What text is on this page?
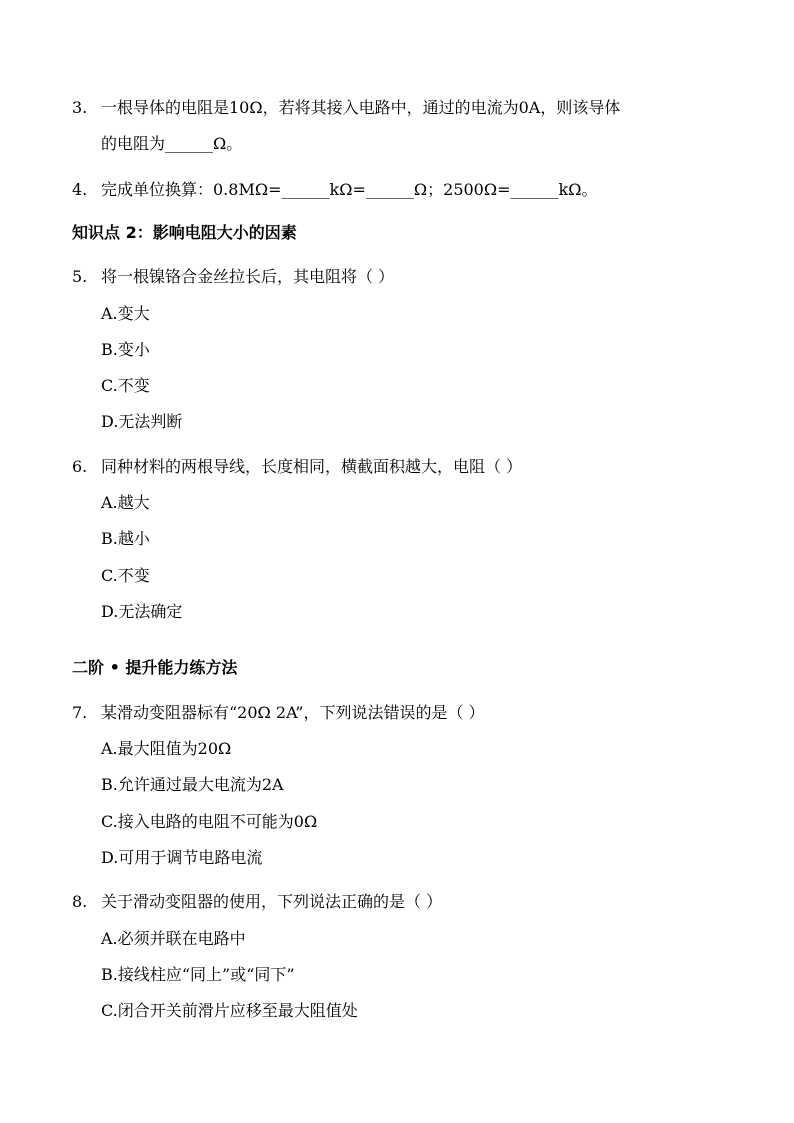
3. 一根导体的电阻是10Ω，若将其接入电路中，通过的电流为0A，则该导体
的电阻为______Ω。
4. 完成单位换算：0.8MΩ=______kΩ=______Ω；2500Ω=______kΩ。
知识点 2：影响电阻大小的因素
5. 将一根镍铬合金丝拉长后，其电阻将（ ）
A.变大
B.变小
C.不变
D.无法判断
6. 同种材料的两根导线，长度相同，横截面积越大，电阻（ ）
A.越大
B.越小
C.不变
D.无法确定
二阶 • 提升能力练方法
7. 某滑动变阻器标有“20Ω 2A”，下列说法错误的是（ ）
A.最大阻值为20Ω
B.允许通过最大电流为2A
C.接入电路的电阻不可能为0Ω
D.可用于调节电路电流
8. 关于滑动变阻器的使用，下列说法正确的是（ ）
A.必须并联在电路中
B.接线柱应“同上”或“同下”
C.闭合开关前滑片应移至最大阻值处
